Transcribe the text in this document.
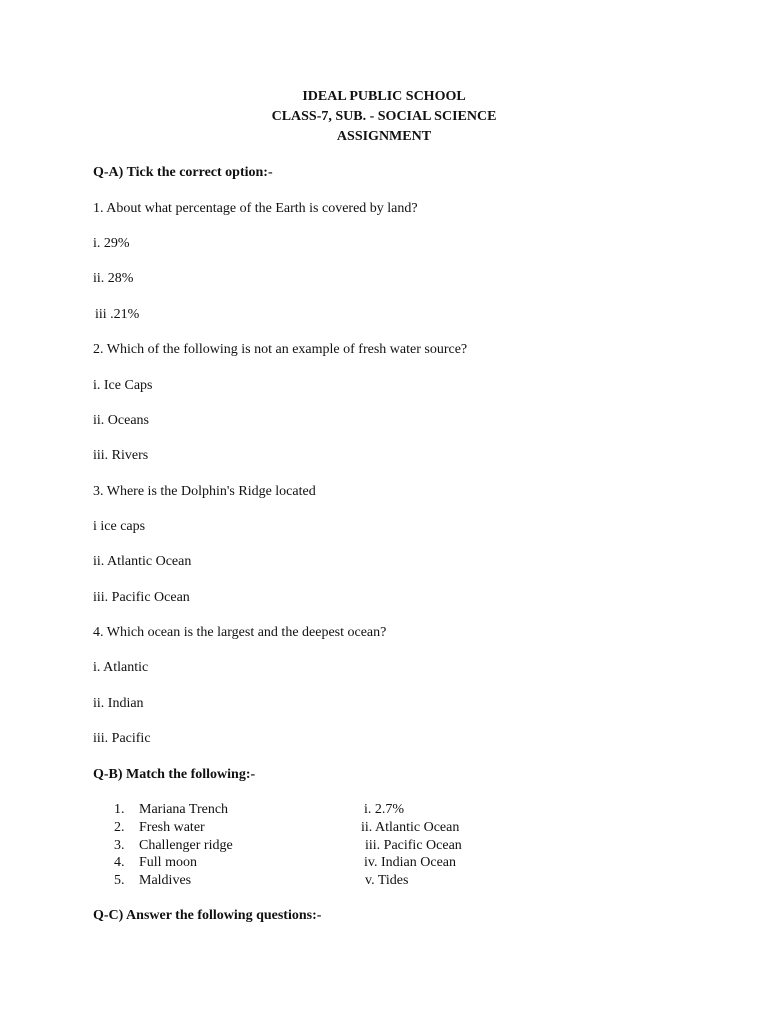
IDEAL PUBLIC SCHOOL
CLASS-7, SUB. - SOCIAL SCIENCE
ASSIGNMENT
Q-A) Tick the correct option:-
1. About what percentage of the Earth is covered by land?
i. 29%
ii. 28%
iii .21%
2. Which of the following is not an example of fresh water source?
i. Ice Caps
ii. Oceans
iii. Rivers
3. Where is the Dolphin's Ridge located
i ice caps
ii. Atlantic Ocean
iii. Pacific Ocean
4. Which ocean is the largest and the deepest ocean?
i. Atlantic
ii. Indian
iii. Pacific
Q-B) Match the following:-
1.	Mariana Trench	i. 2.7%
2.	Fresh water	ii. Atlantic Ocean
3.	Challenger ridge	iii. Pacific Ocean
4.	Full moon	iv. Indian Ocean
5.	Maldives	v. Tides
Q-C) Answer the following questions:-
